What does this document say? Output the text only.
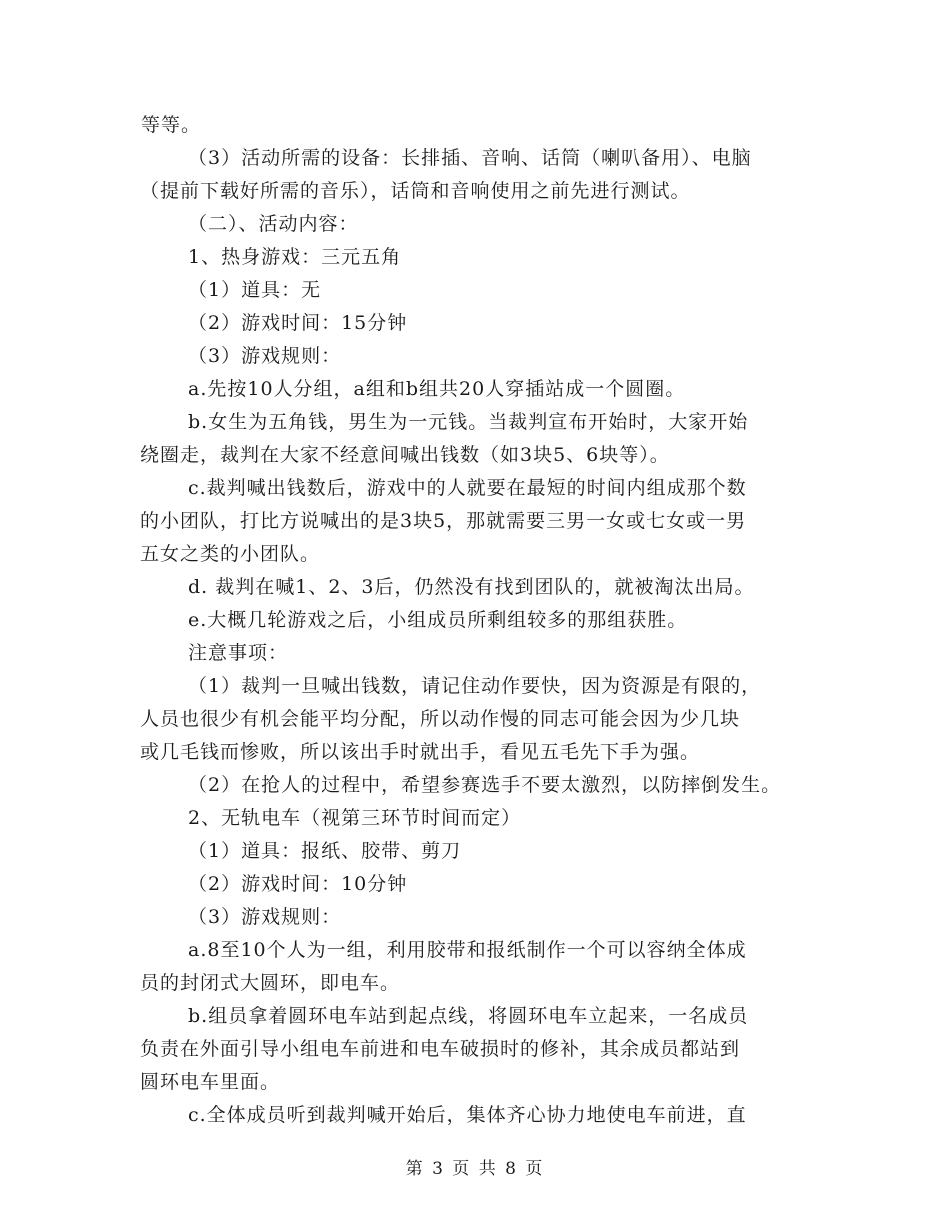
等等。
（3）活动所需的设备：长排插、音响、话筒（喇叭备用）、电脑
（提前下载好所需的音乐），话筒和音响使用之前先进行测试。
（二）、活动内容：
1、热身游戏：三元五角
（1）道具：无
（2）游戏时间：15分钟
（3）游戏规则：
a.先按10人分组，a组和b组共20人穿插站成一个圆圈。
b.女生为五角钱，男生为一元钱。当裁判宣布开始时，大家开始
绕圈走，裁判在大家不经意间喊出钱数（如3块5、6块等）。
c.裁判喊出钱数后，游戏中的人就要在最短的时间内组成那个数
的小团队，打比方说喊出的是3块5，那就需要三男一女或七女或一男
五女之类的小团队。
d. 裁判在喊1、2、3后，仍然没有找到团队的，就被淘汰出局。
e.大概几轮游戏之后，小组成员所剩组较多的那组获胜。
注意事项：
（1）裁判一旦喊出钱数，请记住动作要快，因为资源是有限的，
人员也很少有机会能平均分配，所以动作慢的同志可能会因为少几块
或几毛钱而惨败，所以该出手时就出手，看见五毛先下手为强。
（2）在抢人的过程中，希望参赛选手不要太激烈，以防摔倒发生。
2、无轨电车（视第三环节时间而定）
（1）道具：报纸、胶带、剪刀
（2）游戏时间：10分钟
（3）游戏规则：
a.8至10个人为一组，利用胶带和报纸制作一个可以容纳全体成
员的封闭式大圆环，即电车。
b.组员拿着圆环电车站到起点线，将圆环电车立起来，一名成员
负责在外面引导小组电车前进和电车破损时的修补，其余成员都站到
圆环电车里面。
c.全体成员听到裁判喊开始后，集体齐心协力地使电车前进，直
第 3 页 共 8 页
